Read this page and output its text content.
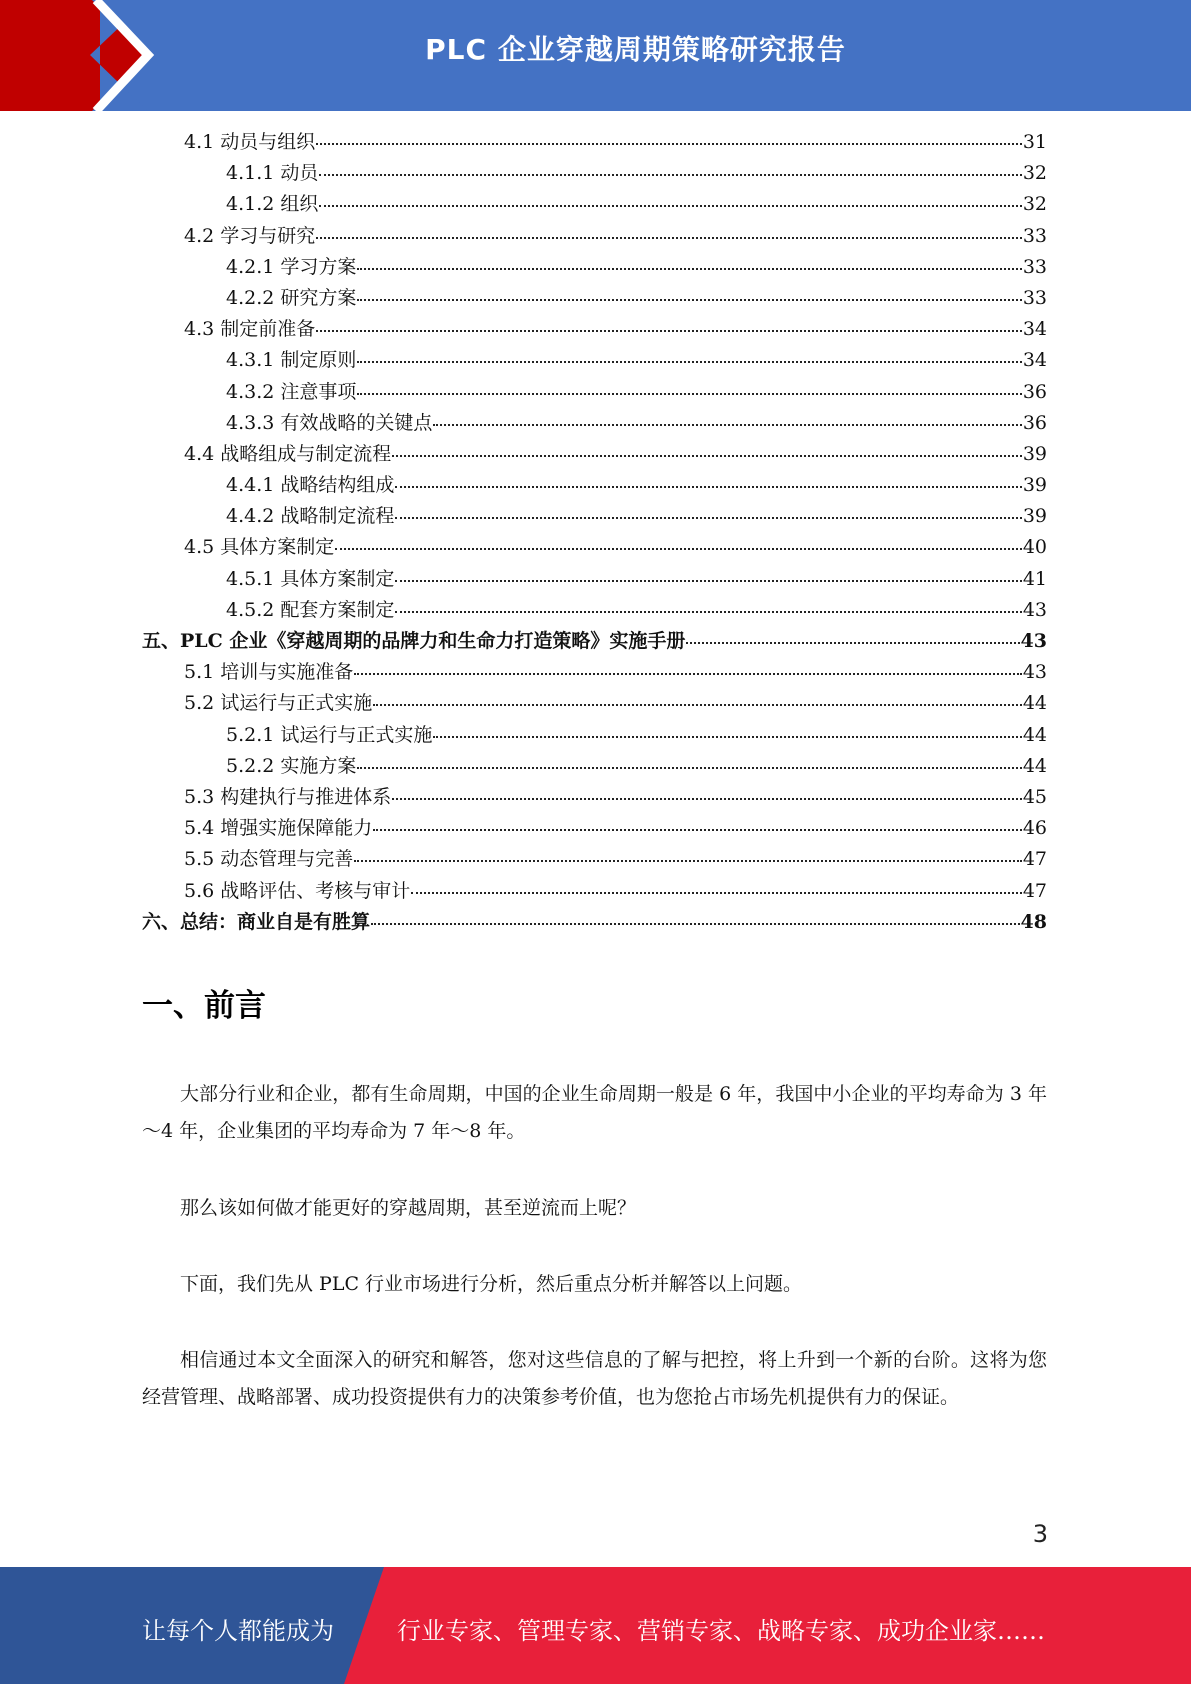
PLC 企业穿越周期策略研究报告
4.1 动员与组织	31
4.1.1 动员	32
4.1.2 组织	32
4.2 学习与研究	33
4.2.1 学习方案	33
4.2.2 研究方案	33
4.3 制定前准备	34
4.3.1 制定原则	34
4.3.2 注意事项	36
4.3.3 有效战略的关键点	36
4.4 战略组成与制定流程	39
4.4.1 战略结构组成	39
4.4.2 战略制定流程	39
4.5 具体方案制定	40
4.5.1 具体方案制定	41
4.5.2 配套方案制定	43
五、PLC 企业《穿越周期的品牌力和生命力打造策略》实施手册	43
5.1 培训与实施准备	43
5.2 试运行与正式实施	44
5.2.1 试运行与正式实施	44
5.2.2 实施方案	44
5.3 构建执行与推进体系	45
5.4 增强实施保障能力	46
5.5 动态管理与完善	47
5.6 战略评估、考核与审计	47
六、总结：商业自是有胜算	48
一、前言

大部分行业和企业，都有生命周期，中国的企业生命周期一般是 6 年，我国中小企业的平均寿命为 3 年～4 年，企业集团的平均寿命为 7 年～8 年。

那么该如何做才能更好的穿越周期，甚至逆流而上呢？

下面，我们先从 PLC 行业市场进行分析，然后重点分析并解答以上问题。

相信通过本文全面深入的研究和解答，您对这些信息的了解与把控，将上升到一个新的台阶。这将为您经营管理、战略部署、成功投资提供有力的决策参考价值，也为您抢占市场先机提供有力的保证。

3
让每个人都能成为	行业专家、管理专家、营销专家、战略专家、成功企业家……
